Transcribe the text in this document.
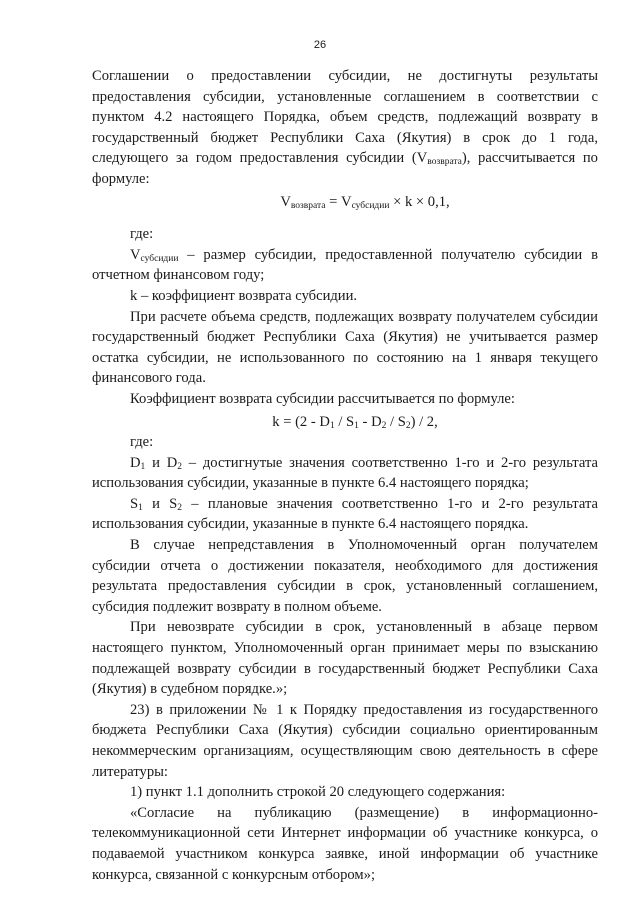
26

Соглашении о предоставлении субсидии, не достигнуты результаты

предоставления субсидии, установленные соглашением в соответствии с

пунктом 4.2 настоящего Порядка, объем средств, подлежащий возврату в

государственный бюджет Республики Саха (Якутия) в срок до 1 года,

следующего за годом предоставления субсидии $(V_{возврата})$, рассчитывается по

формуле:

$V_{возврата} = V_{субсидии} \times k \times 0,1$,

где:

$V_{субсидии}$ – размер субсидии, предоставленной получателю субсидии в отчетном финансовом году;

k – коэффициент возврата субсидии.

При расчете объема средств, подлежащих возврату получателем субсидии государственный бюджет Республики Саха (Якутия) не учитывается размер остатка субсидии, не использованного по состоянию на 1 января текущего финансового года.

Коэффициент возврата субсидии рассчитывается по формуле:

$k = (2 - D_1 / S_1 - D_2 / S_2) / 2$,

где:

$D_1$ и $D_2$ – достигнутые значения соответственно 1-го и 2-го результата использования субсидии, указанные в пункте 6.4 настоящего порядка;

$S_1$ и $S_2$ – плановые значения соответственно 1-го и 2-го результата использования субсидии, указанные в пункте 6.4 настоящего порядка.

В случае непредставления в Уполномоченный орган получателем субсидии отчета о достижении показателя, необходимого для достижения результата предоставления субсидии в срок, установленный соглашением, субсидия подлежит возврату в полном объеме.

При невозврате субсидии в срок, установленный в абзаце первом настоящего пунктом, Уполномоченный орган принимает меры по взысканию подлежащей возврату субсидии в государственный бюджет Республики Саха (Якутия) в судебном порядке.»;

23) в приложении № 1 к Порядку предоставления из государственного бюджета Республики Саха (Якутия) субсидии социально ориентированным некоммерческим организациям, осуществляющим свою деятельность в сфере литературы:

1) пункт 1.1 дополнить строкой 20 следующего содержания:

«Согласие на публикацию (размещение) в информационно-телекоммуникационной сети Интернет информации об участнике конкурса, о подаваемой участником конкурса заявке, иной информации об участнике конкурса, связанной с конкурсным отбором»;
